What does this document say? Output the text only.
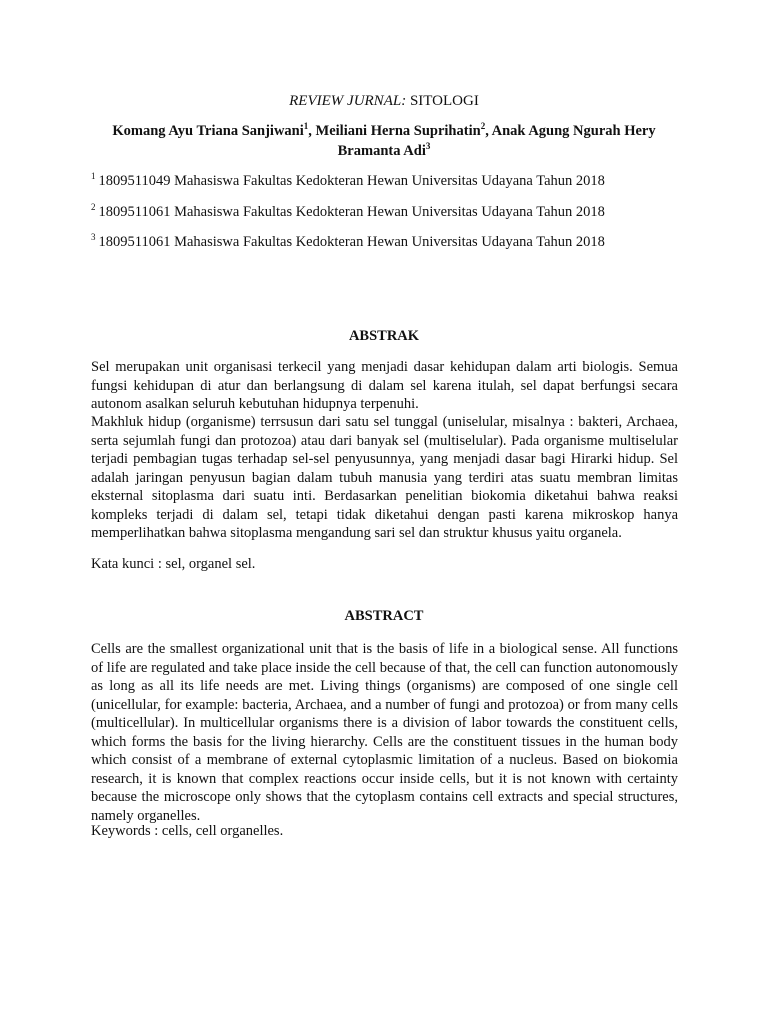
REVIEW JURNAL: SITOLOGI
Komang Ayu Triana Sanjiwani$^1$, Meiliani Herna Suprihatin$^2$, Anak Agung Ngurah Hery Bramanta Adi$^3$
$^1$ 1809511049 Mahasiswa Fakultas Kedokteran Hewan Universitas Udayana Tahun 2018
$^2$ 1809511061 Mahasiswa Fakultas Kedokteran Hewan Universitas Udayana Tahun 2018
$^3$ 1809511061 Mahasiswa Fakultas Kedokteran Hewan Universitas Udayana Tahun 2018
ABSTRAK

Sel merupakan unit organisasi terkecil yang menjadi dasar kehidupan dalam arti biologis. Semua fungsi kehidupan di atur dan berlangsung di dalam sel karena itulah, sel dapat berfungsi secara autonom asalkan seluruh kebutuhan hidupnya terpenuhi.

Makhluk hidup (organisme) terrsusun dari satu sel tunggal (uniselular, misalnya : bakteri, Archaea, serta sejumlah fungi dan protozoa) atau dari banyak sel (multiselular). Pada organisme multiselular terjadi pembagian tugas terhadap sel-sel penyusunnya, yang menjadi dasar bagi Hirarki hidup. Sel adalah jaringan penyusun bagian dalam tubuh manusia yang terdiri atas suatu membran limitas eksternal sitoplasma dari suatu inti. Berdasarkan penelitian biokomia diketahui bahwa reaksi kompleks terjadi di dalam sel, tetapi tidak diketahui dengan pasti karena mikroskop hanya memperlihatkan bahwa sitoplasma mengandung sari sel dan struktur khusus yaitu organela.

Kata kunci : sel, organel sel.

ABSTRACT

Cells are the smallest organizational unit that is the basis of life in a biological sense. All functions of life are regulated and take place inside the cell because of that, the cell can function autonomously as long as all its life needs are met. Living things (organisms) are composed of one single cell (unicellular, for example: bacteria, Archaea, and a number of fungi and protozoa) or from many cells (multicellular). In multicellular organisms there is a division of labor towards the constituent cells, which forms the basis for the living hierarchy. Cells are the constituent tissues in the human body which consist of a membrane of external cytoplasmic limitation of a nucleus. Based on biokomia research, it is known that complex reactions occur inside cells, but it is not known with certainty because the microscope only shows that the cytoplasm contains cell extracts and special structures, namely organelles.

Keywords : cells, cell organelles.
